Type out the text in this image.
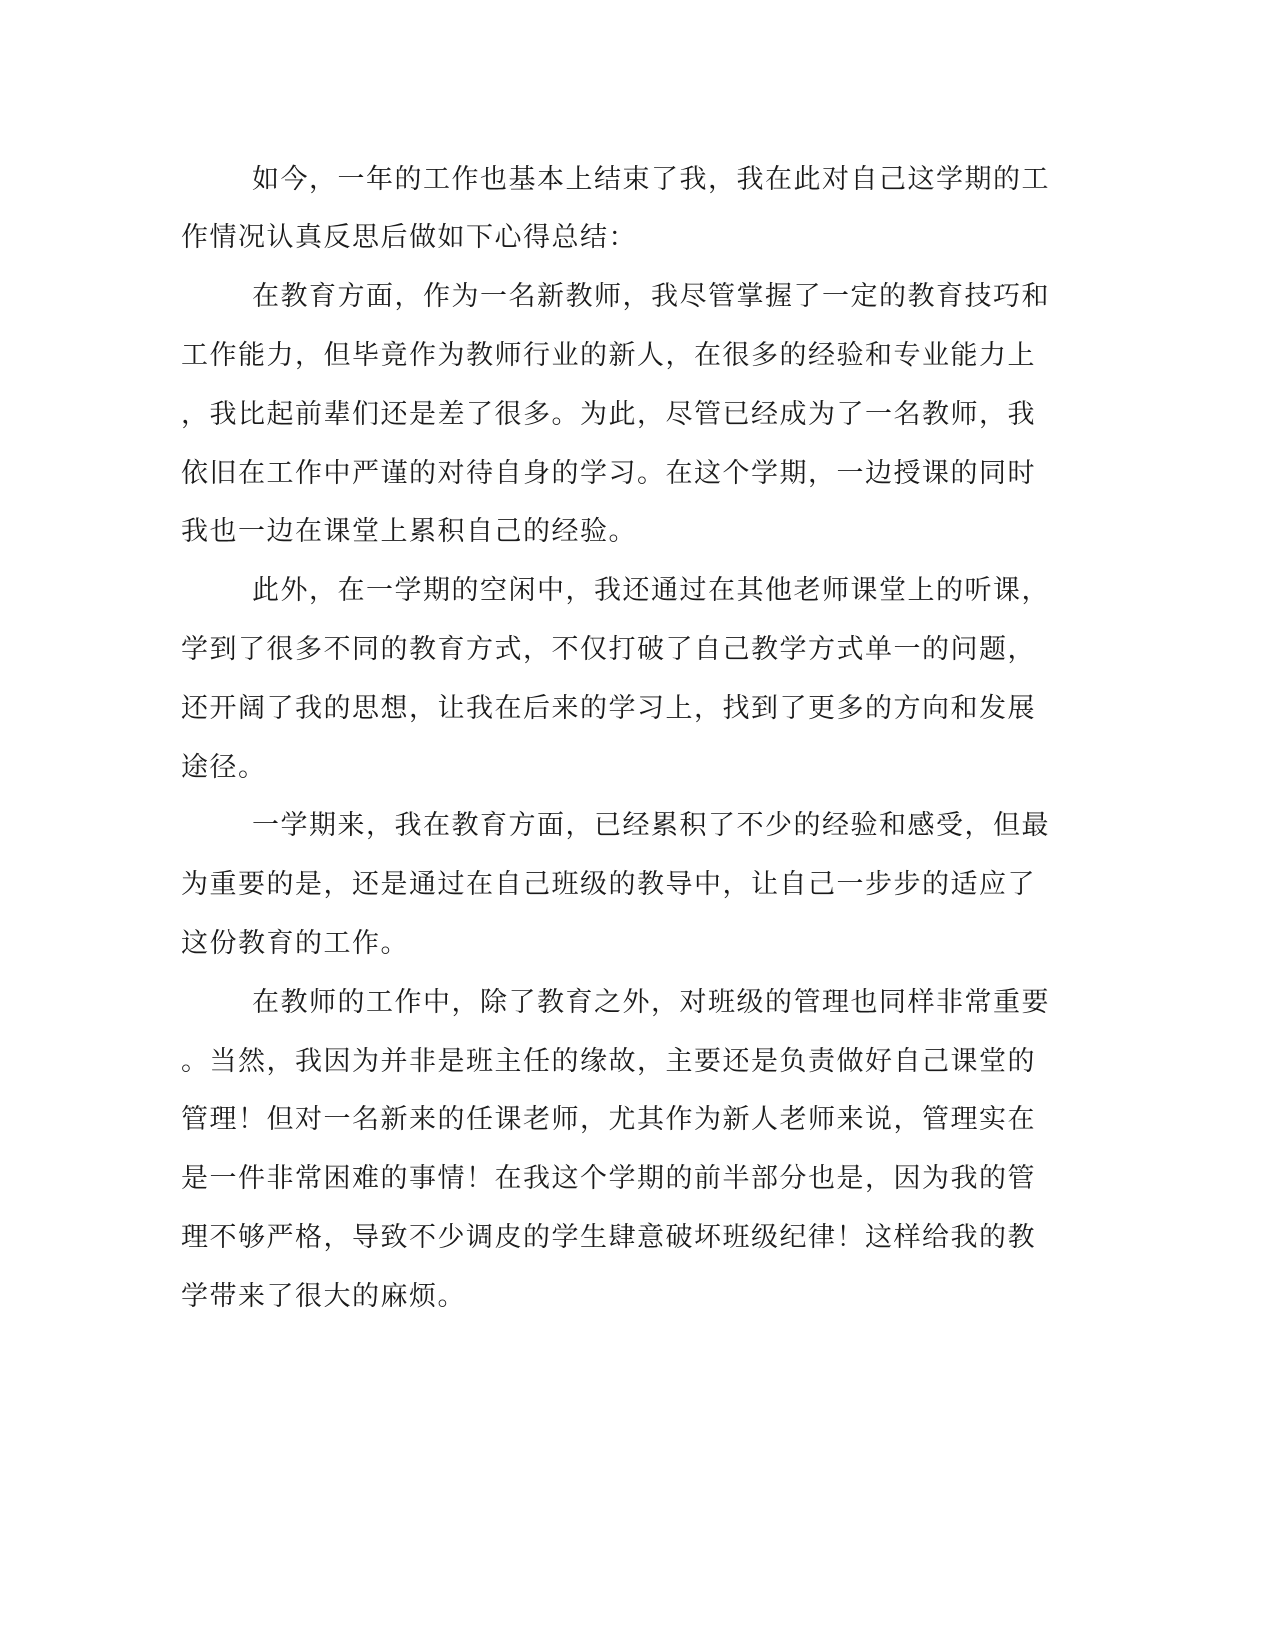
如今，一年的工作也基本上结束了我，我在此对自己这学期的工
作情况认真反思后做如下心得总结：
在教育方面，作为一名新教师，我尽管掌握了一定的教育技巧和
工作能力，但毕竟作为教师行业的新人，在很多的经验和专业能力上
，我比起前辈们还是差了很多。为此，尽管已经成为了一名教师，我
依旧在工作中严谨的对待自身的学习。在这个学期，一边授课的同时
我也一边在课堂上累积自己的经验。
此外，在一学期的空闲中，我还通过在其他老师课堂上的听课，
学到了很多不同的教育方式，不仅打破了自己教学方式单一的问题，
还开阔了我的思想，让我在后来的学习上，找到了更多的方向和发展
途径。
一学期来，我在教育方面，已经累积了不少的经验和感受，但最
为重要的是，还是通过在自己班级的教导中，让自己一步步的适应了
这份教育的工作。
在教师的工作中，除了教育之外，对班级的管理也同样非常重要
。当然，我因为并非是班主任的缘故，主要还是负责做好自己课堂的
管理！但对一名新来的任课老师，尤其作为新人老师来说，管理实在
是一件非常困难的事情！在我这个学期的前半部分也是，因为我的管
理不够严格，导致不少调皮的学生肆意破坏班级纪律！这样给我的教
学带来了很大的麻烦。
